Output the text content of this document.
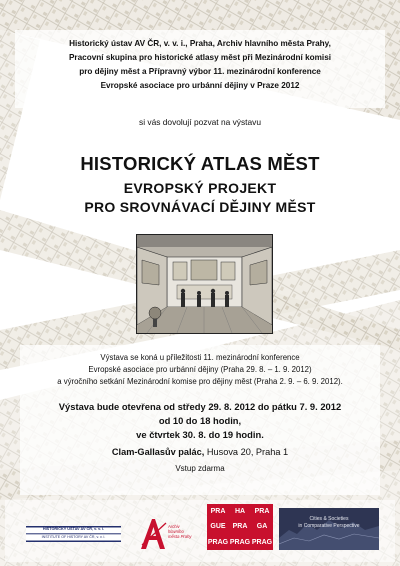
Historický ústav AV ČR, v. v. i., Praha, Archiv hlavního města Prahy,
Pracovní skupina pro historické atlasy měst při Mezinárodní komisi
pro dějiny měst a Přípravný výbor 11. mezinárodní konference
Evropské asociace pro urbánní dějiny v Praze 2012
si vás dovolují pozvat na výstavu
HISTORICKÝ ATLAS MĚST
EVROPSKÝ PROJEKT
PRO SROVNÁVACÍ DĚJINY MĚST
Výstava se koná u příležitosti 11. mezinárodní konference
Evropské asociace pro urbánní dějiny (Praha 29. 8. – 1. 9. 2012)
a výročního setkání Mezinárodní komise pro dějiny měst (Praha 2. 9. – 6. 9. 2012).
Výstava bude otevřena od středy 29. 8. 2012 do pátku 7. 9. 2012
od 10 do 18 hodin,
ve čtvrtek 30. 8. do 19 hodin.
Clam-Gallasův palác, Husova 20, Praha 1
Vstup zdarma
HISTORICKÝ ÚSTAV AV ČR, v. v. i.
INSTITUTE OF HISTORY AV ČR, v. v. i.
Archiv
hlavního
města Prahy
PRA	HA	PRA
GUE	PRA	GA
PRAG PRAG PRAG
Cities & Societies
in Comparative Perspective
